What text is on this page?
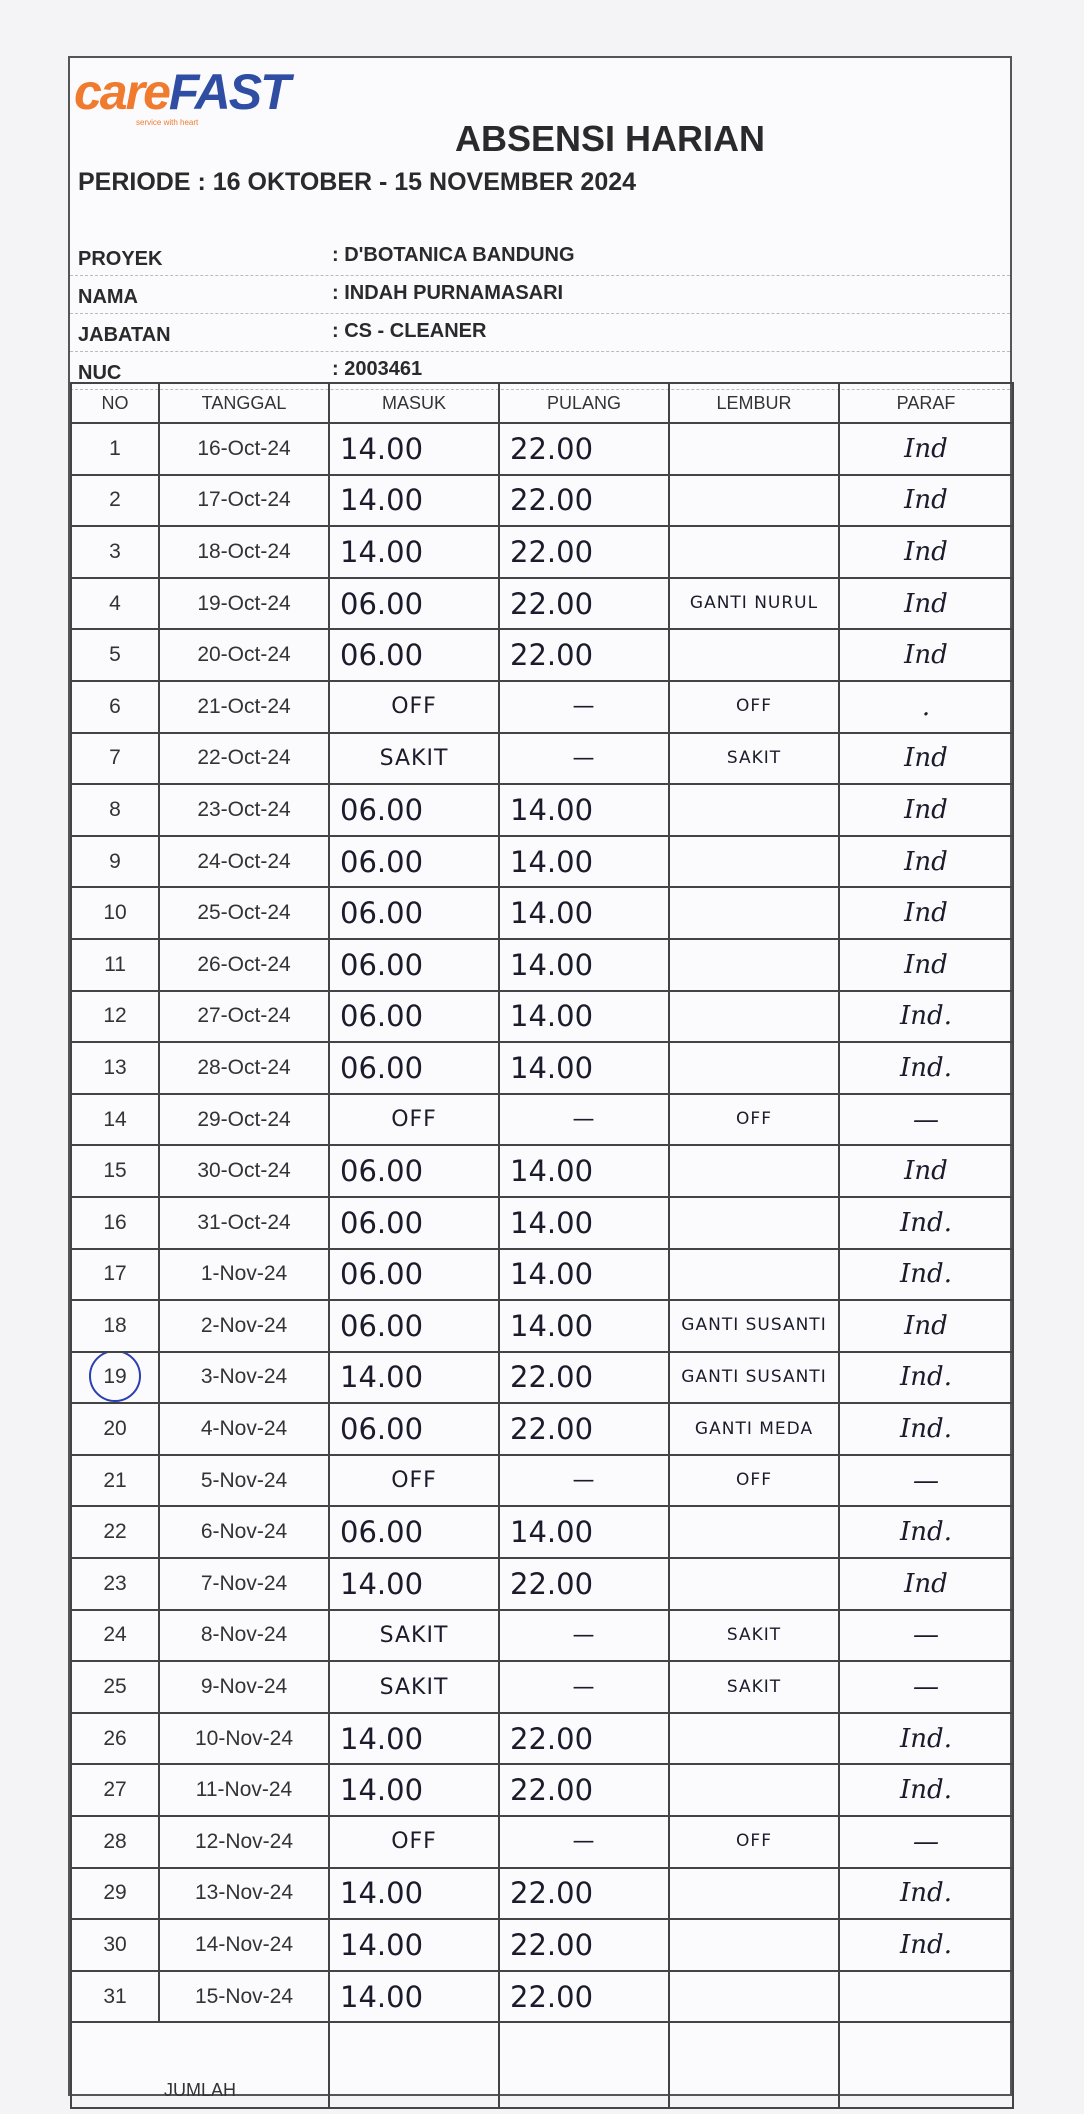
careFAST
service with heart	ABSENSI HARIAN
PERIODE : 16 OKTOBER - 15 NOVEMBER 2024
PROYEK	: D'BOTANICA BANDUNG
NAMA	: INDAH PURNAMASARI
JABATAN	: CS - CLEANER
NUC	: 2003461
NO	TANGGAL	MASUK	PULANG	LEMBUR	PARAF
1	16-Oct-24	14.00	22.00		Ind
2	17-Oct-24	14.00	22.00		Ind
3	18-Oct-24	14.00	22.00		Ind
4	19-Oct-24	06.00	22.00	GANTI NURUL	Ind
5	20-Oct-24	06.00	22.00		Ind
6	21-Oct-24	OFF	—	OFF	.
7	22-Oct-24	SAKIT	—	SAKIT	Ind
8	23-Oct-24	06.00	14.00		Ind
9	24-Oct-24	06.00	14.00		Ind
10	25-Oct-24	06.00	14.00		Ind
11	26-Oct-24	06.00	14.00		Ind
12	27-Oct-24	06.00	14.00		Ind.
13	28-Oct-24	06.00	14.00		Ind.
14	29-Oct-24	OFF	—	OFF	—
15	30-Oct-24	06.00	14.00		Ind
16	31-Oct-24	06.00	14.00		Ind.
17	1-Nov-24	06.00	14.00		Ind.
18	2-Nov-24	06.00	14.00	GANTI SUSANTI	Ind
19	3-Nov-24	14.00	22.00	GANTI SUSANTI	Ind.
20	4-Nov-24	06.00	22.00	GANTI MEDA	Ind.
21	5-Nov-24	OFF	—	OFF	—
22	6-Nov-24	06.00	14.00		Ind.
23	7-Nov-24	14.00	22.00		Ind
24	8-Nov-24	SAKIT	—	SAKIT	—
25	9-Nov-24	SAKIT	—	SAKIT	—
26	10-Nov-24	14.00	22.00		Ind.
27	11-Nov-24	14.00	22.00		Ind.
28	12-Nov-24	OFF	—	OFF	—
29	13-Nov-24	14.00	22.00		Ind.
30	14-Nov-24	14.00	22.00		Ind.
31	15-Nov-24	14.00	22.00		
JUMLAH					
